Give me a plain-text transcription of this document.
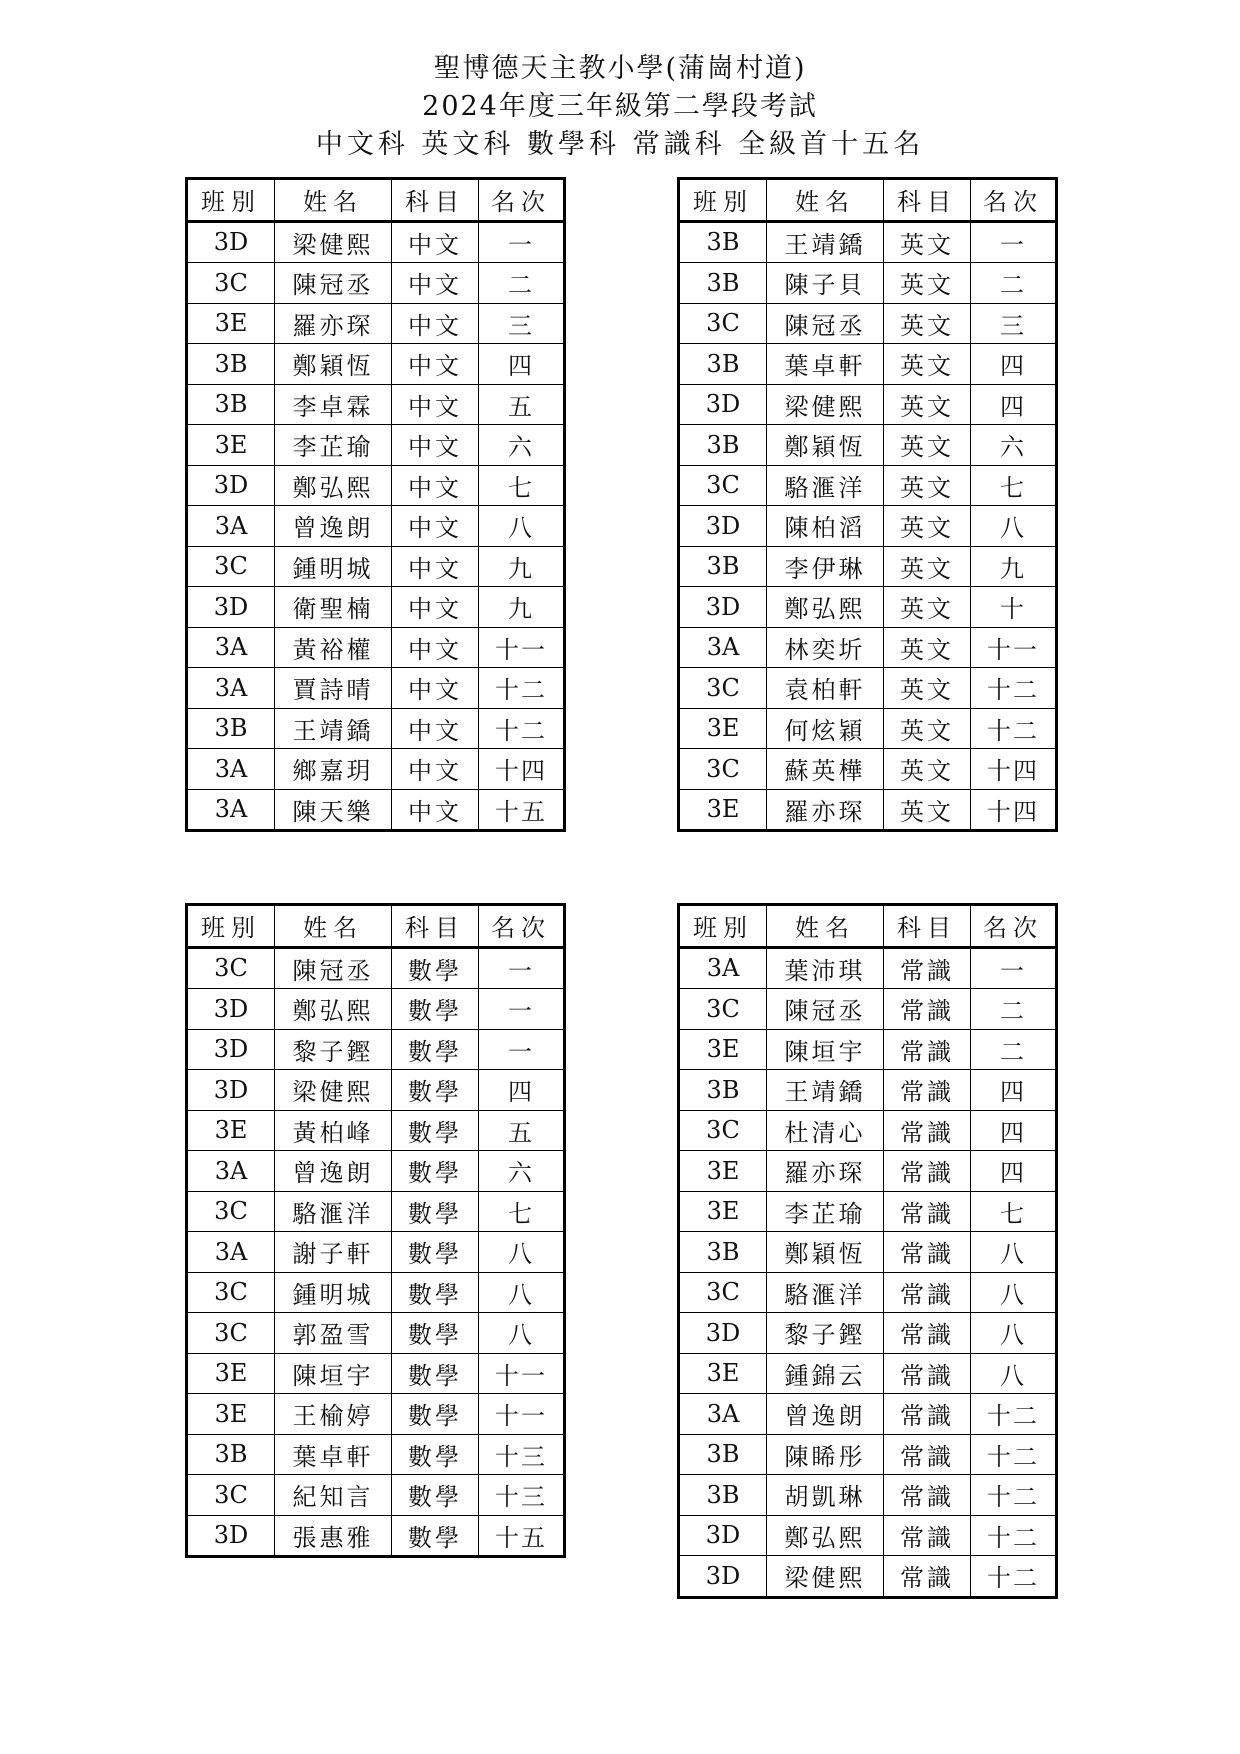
聖博德天主教小學(蒲崗村道)
2024年度三年級第二學段考試
中文科 英文科 數學科 常識科 全級首十五名
班別	姓名	科目	名次
3D	梁健熙	中文	一
3C	陳冠丞	中文	二
3E	羅亦琛	中文	三
3B	鄭穎恆	中文	四
3B	李卓霖	中文	五
3E	李芷瑜	中文	六
3D	鄭弘熙	中文	七
3A	曾逸朗	中文	八
3C	鍾明城	中文	九
3D	衛聖楠	中文	九
3A	黃裕權	中文	十一
3A	賈詩晴	中文	十二
3B	王靖鐈	中文	十二
3A	鄉嘉玥	中文	十四
3A	陳天樂	中文	十五
班別	姓名	科目	名次
3B	王靖鐈	英文	一
3B	陳子貝	英文	二
3C	陳冠丞	英文	三
3B	葉卓軒	英文	四
3D	梁健熙	英文	四
3B	鄭穎恆	英文	六
3C	駱滙洋	英文	七
3D	陳柏滔	英文	八
3B	李伊琳	英文	九
3D	鄭弘熙	英文	十
3A	林奕圻	英文	十一
3C	袁柏軒	英文	十二
3E	何炫穎	英文	十二
3C	蘇英樺	英文	十四
3E	羅亦琛	英文	十四
班別	姓名	科目	名次
3C	陳冠丞	數學	一
3D	鄭弘熙	數學	一
3D	黎子鏗	數學	一
3D	梁健熙	數學	四
3E	黃柏峰	數學	五
3A	曾逸朗	數學	六
3C	駱滙洋	數學	七
3A	謝子軒	數學	八
3C	鍾明城	數學	八
3C	郭盈雪	數學	八
3E	陳垣宇	數學	十一
3E	王榆婷	數學	十一
3B	葉卓軒	數學	十三
3C	紀知言	數學	十三
3D	張惠雅	數學	十五
班別	姓名	科目	名次
3A	葉沛琪	常識	一
3C	陳冠丞	常識	二
3E	陳垣宇	常識	二
3B	王靖鐈	常識	四
3C	杜清心	常識	四
3E	羅亦琛	常識	四
3E	李芷瑜	常識	七
3B	鄭穎恆	常識	八
3C	駱滙洋	常識	八
3D	黎子鏗	常識	八
3E	鍾錦云	常識	八
3A	曾逸朗	常識	十二
3B	陳睎彤	常識	十二
3B	胡凱琳	常識	十二
3D	鄭弘熙	常識	十二
3D	梁健熙	常識	十二
